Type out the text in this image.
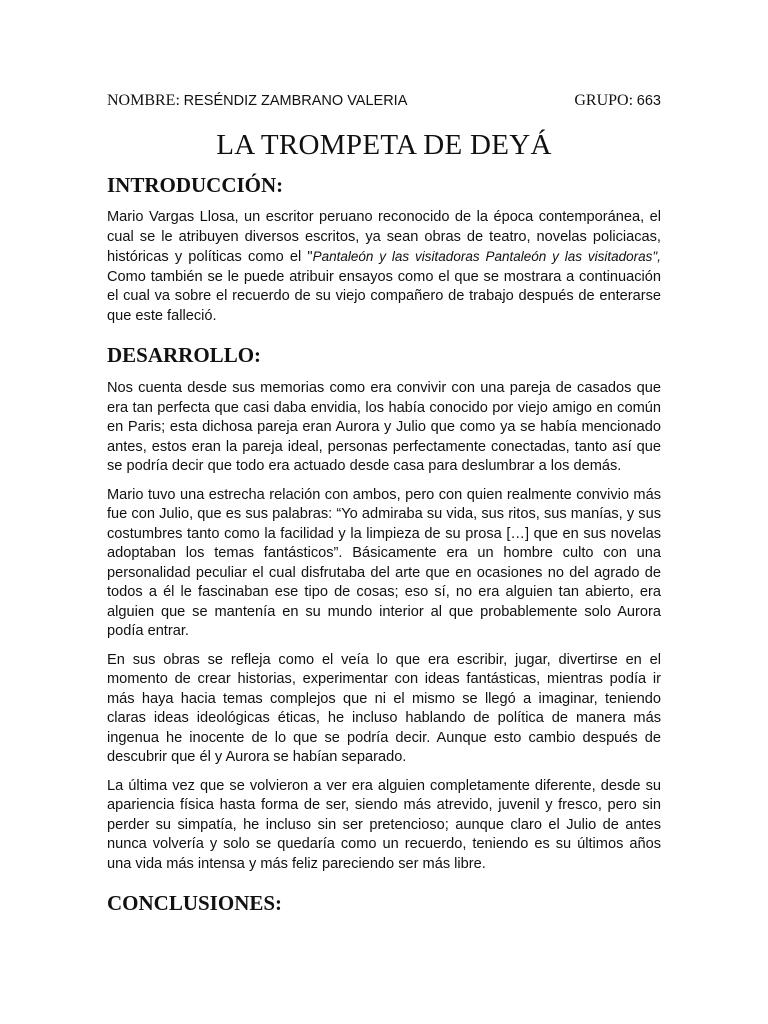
NOMBRE: RESÉNDIZ ZAMBRANO VALERIA	GRUPO: 663
LA TROMPETA DE DEYÁ
INTRODUCCIÓN:

Mario Vargas Llosa, un escritor peruano reconocido de la época contemporánea, el cual se le atribuyen diversos escritos, ya sean obras de teatro, novelas policiacas, históricas y políticas como el "Pantaleón y las visitadoras Pantaleón y las visitadoras", Como también se le puede atribuir ensayos como el que se mostrara a continuación el cual va sobre el recuerdo de su viejo compañero de trabajo después de enterarse que este falleció.

DESARROLLO:

Nos cuenta desde sus memorias como era convivir con una pareja de casados que era tan perfecta que casi daba envidia, los había conocido por viejo amigo en común en Paris; esta dichosa pareja eran Aurora y Julio que como ya se había mencionado antes, estos eran la pareja ideal, personas perfectamente conectadas, tanto así que se podría decir que todo era actuado desde casa para deslumbrar a los demás.

Mario tuvo una estrecha relación con ambos, pero con quien realmente convivio más fue con Julio, que es sus palabras: “Yo admiraba su vida, sus ritos, sus manías, y sus costumbres tanto como la facilidad y la limpieza de su prosa […] que en sus novelas adoptaban los temas fantásticos”. Básicamente era un hombre culto con una personalidad peculiar el cual disfrutaba del arte que en ocasiones no del agrado de todos a él le fascinaban ese tipo de cosas; eso sí, no era alguien tan abierto, era alguien que se mantenía en su mundo interior al que probablemente solo Aurora podía entrar.

En sus obras se refleja como el veía lo que era escribir, jugar, divertirse en el momento de crear historias, experimentar con ideas fantásticas, mientras podía ir más haya hacia temas complejos que ni el mismo se llegó a imaginar, teniendo claras ideas ideológicas éticas, he incluso hablando de política de manera más ingenua he inocente de lo que se podría decir. Aunque esto cambio después de descubrir que él y Aurora se habían separado.

La última vez que se volvieron a ver era alguien completamente diferente, desde su apariencia física hasta forma de ser, siendo más atrevido, juvenil y fresco, pero sin perder su simpatía, he incluso sin ser pretencioso; aunque claro el Julio de antes nunca volvería y solo se quedaría como un recuerdo, teniendo es su últimos años una vida más intensa y más feliz pareciendo ser más libre.

CONCLUSIONES:
